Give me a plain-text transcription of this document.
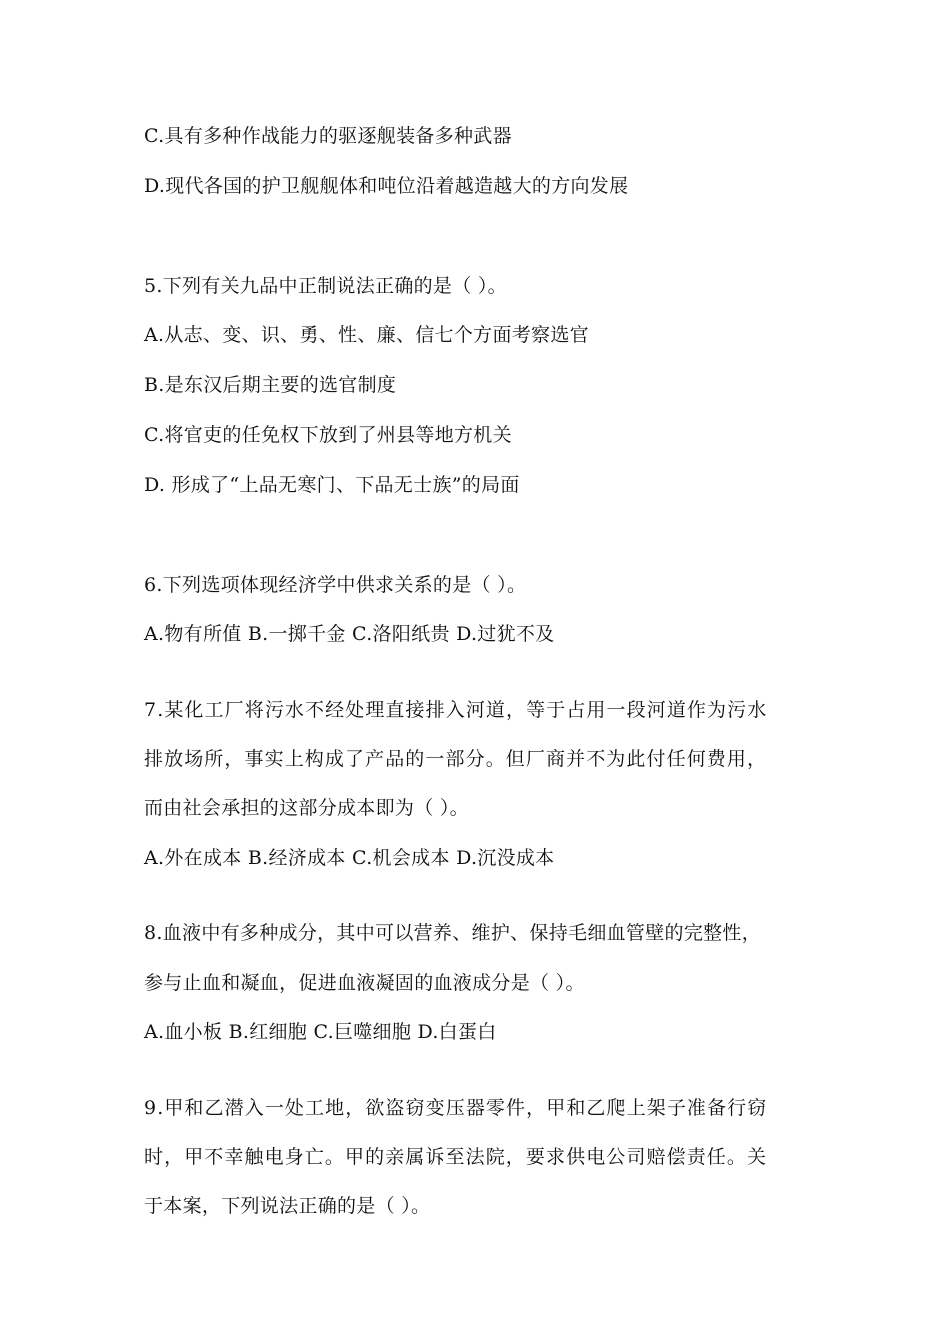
C.具有多种作战能力的驱逐舰装备多种武器
D.现代各国的护卫舰舰体和吨位沿着越造越大的方向发展
5.下列有关九品中正制说法正确的是（ ）。
A.从志、变、识、勇、性、廉、信七个方面考察选官
B.是东汉后期主要的选官制度
C.将官吏的任免权下放到了州县等地方机关
D. 形成了“上品无寒门、下品无士族”的局面
6.下列选项体现经济学中供求关系的是（ ）。
A.物有所值 B.一掷千金 C.洛阳纸贵 D.过犹不及
7.某化工厂将污水不经处理直接排入河道，等于占用一段河道作为污水
排放场所，事实上构成了产品的一部分。但厂商并不为此付任何费用，
而由社会承担的这部分成本即为（ ）。
A.外在成本 B.经济成本 C.机会成本 D.沉没成本
8.血液中有多种成分，其中可以营养、维护、保持毛细血管壁的完整性，
参与止血和凝血，促进血液凝固的血液成分是（ ）。
A.血小板 B.红细胞 C.巨噬细胞 D.白蛋白
9.甲和乙潜入一处工地，欲盗窃变压器零件，甲和乙爬上架子准备行窃
时，甲不幸触电身亡。甲的亲属诉至法院，要求供电公司赔偿责任。关
于本案，下列说法正确的是（ ）。
